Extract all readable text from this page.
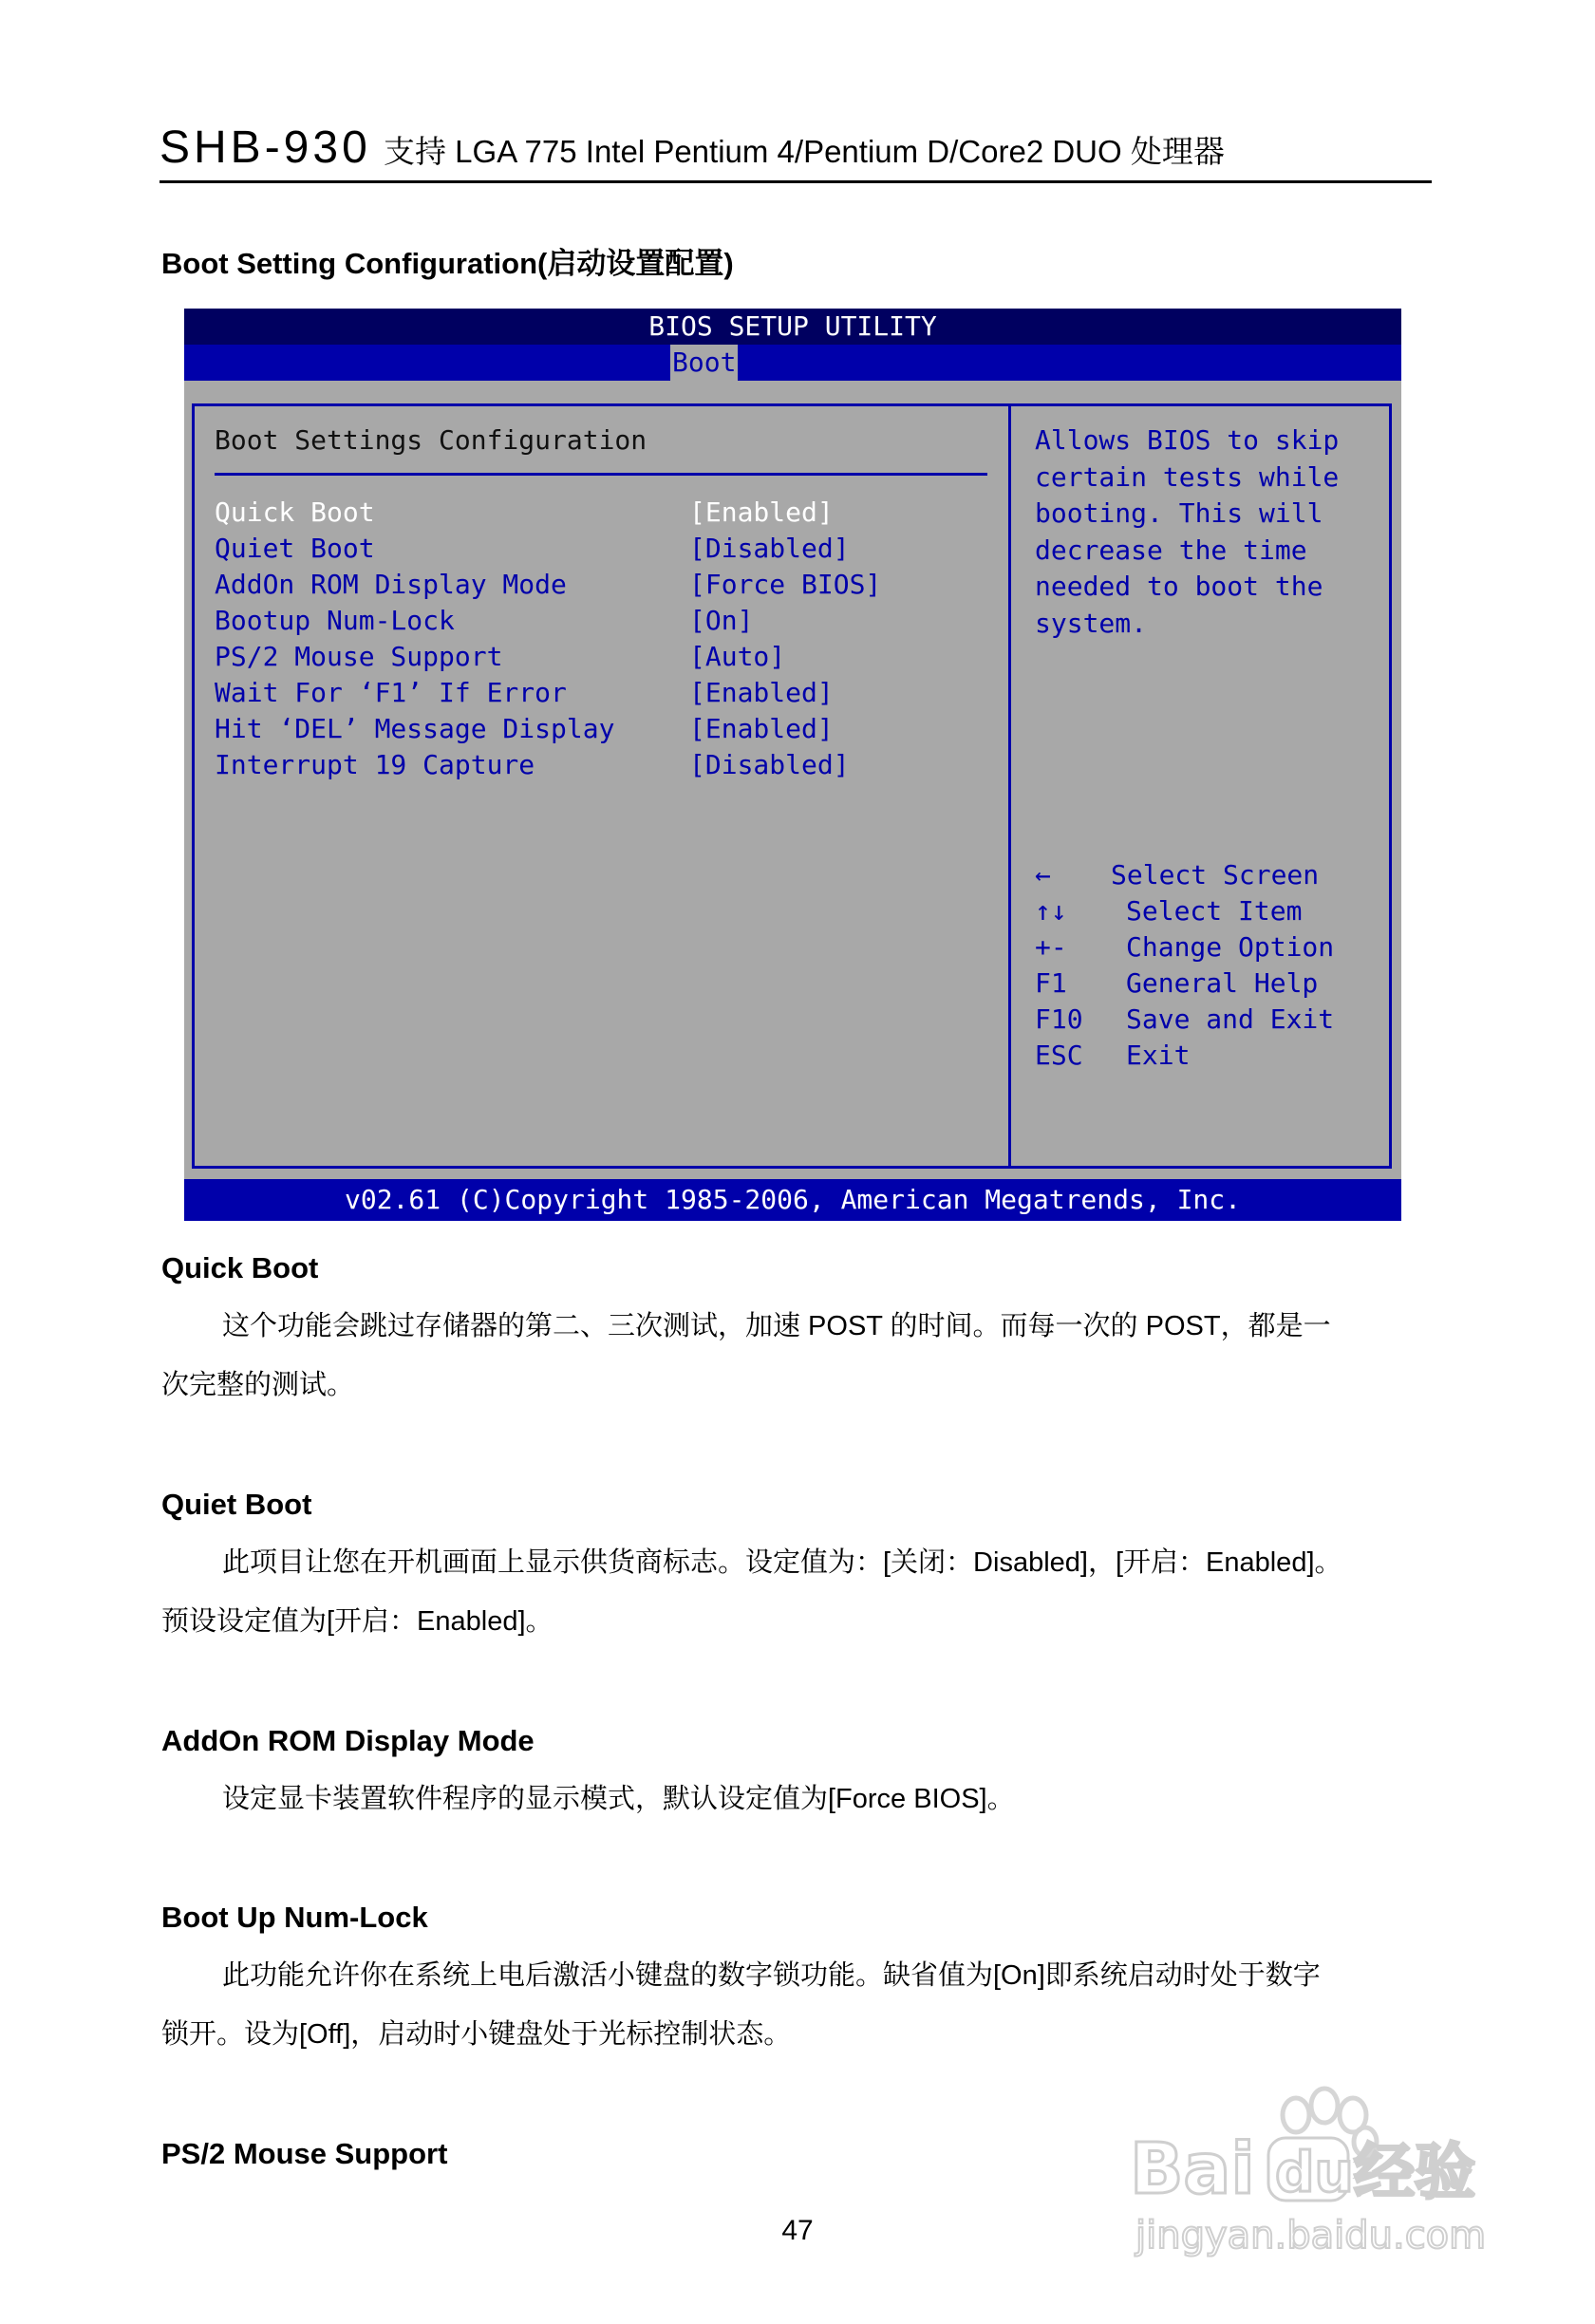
SHB-930 支持 LGA 775 Intel Pentium 4/Pentium D/Core2 DUO 处理器
Boot Setting Configuration(启动设置配置)
BIOS SETUP UTILITY
Boot
Boot Settings Configuration
Quick Boot	[Enabled]
Quiet Boot	[Disabled]
AddOn ROM Display Mode	[Force BIOS]
Bootup Num-Lock	[On]
PS/2 Mouse Support	[Auto]
Wait For ‘F1’ If Error	[Enabled]
Hit ‘DEL’ Message Display	[Enabled]
Interrupt 19 Capture	[Disabled]
Allows BIOS to skip
certain tests while
booting. This will
decrease the time
needed to boot the
system.
← Select Screen
↑↓ Select Item
+- Change Option
F1 General Help
F10 Save and Exit
ESC Exit
v02.61 (C)Copyright 1985-2006, American Megatrends, Inc.
Quick Boot
这个功能会跳过存储器的第二、三次测试，加速 POST 的时间。而每一次的 POST，都是一
次完整的测试。
Quiet Boot
此项目让您在开机画面上显示供货商标志。设定值为：[关闭：Disabled]，[开启：Enabled]。
预设设定值为[开启：Enabled]。
AddOn ROM Display Mode
设定显卡装置软件程序的显示模式，默认设定值为[Force BIOS]。
Boot Up Num-Lock
此功能允许你在系统上电后激活小键盘的数字锁功能。缺省值为[On]即系统启动时处于数字
锁开。设为[Off]，启动时小键盘处于光标控制状态。
PS/2 Mouse Support	Bai du 经验
jingyan.baidu.com
47
